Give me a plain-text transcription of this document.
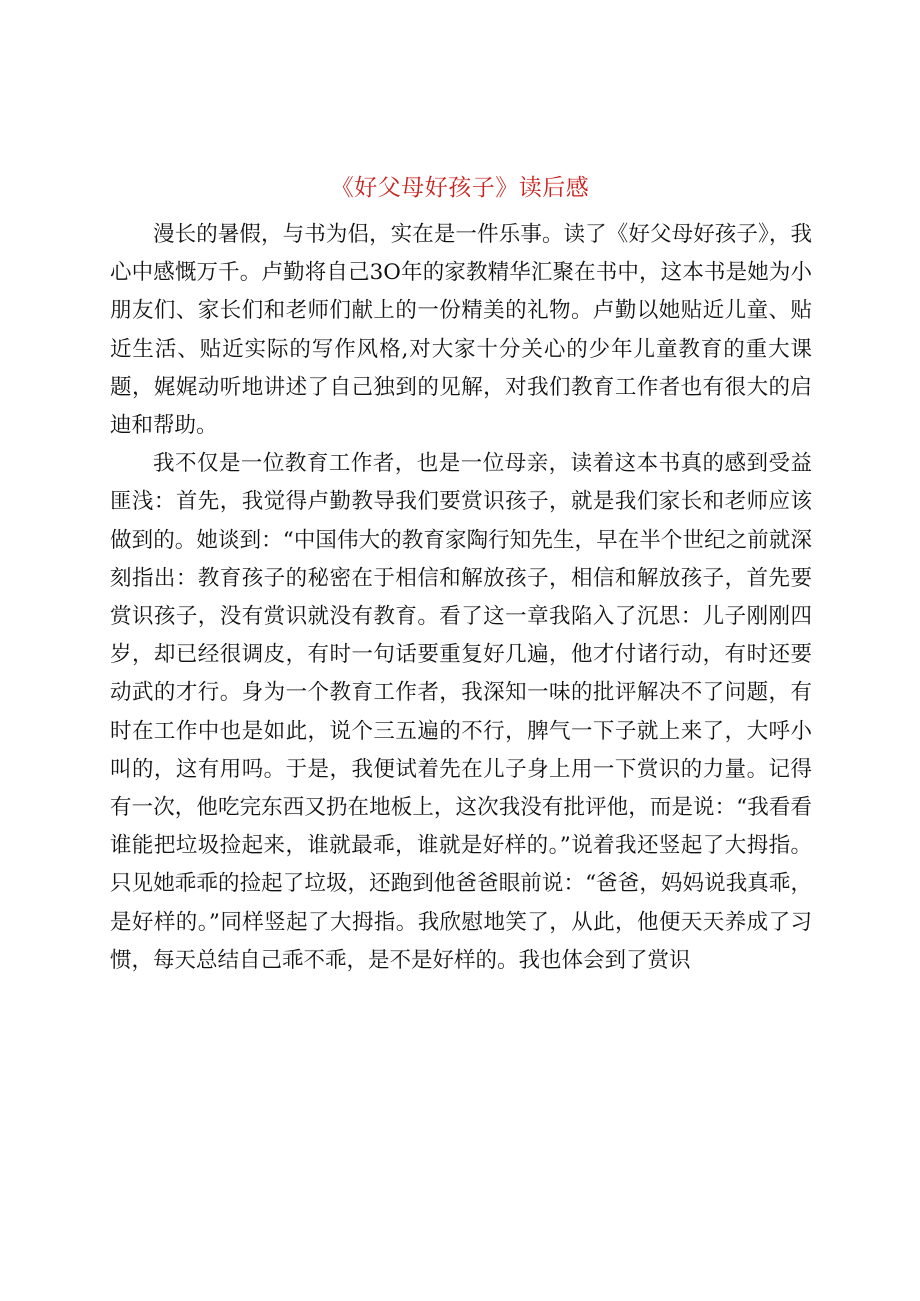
《好父母好孩子》读后感

漫长的暑假，与书为侣，实在是一件乐事。读了《好父母好孩子》，我心中感慨万千。卢勤将自己3O年的家教精华汇聚在书中，这本书是她为小朋友们、家长们和老师们献上的一份精美的礼物。卢勤以她贴近儿童、贴近生活、贴近实际的写作风格,对大家十分关心的少年儿童教育的重大课题，娓娓动听地讲述了自己独到的见解，对我们教育工作者也有很大的启迪和帮助。

我不仅是一位教育工作者，也是一位母亲，读着这本书真的感到受益匪浅：首先，我觉得卢勤教导我们要赏识孩子，就是我们家长和老师应该做到的。她谈到：“中国伟大的教育家陶行知先生，早在半个世纪之前就深刻指出：教育孩子的秘密在于相信和解放孩子，相信和解放孩子，首先要赏识孩子，没有赏识就没有教育。看了这一章我陷入了沉思：儿子刚刚四岁，却已经很调皮，有时一句话要重复好几遍，他才付诸行动，有时还要动武的才行。身为一个教育工作者，我深知一味的批评解决不了问题，有时在工作中也是如此，说个三五遍的不行，脾气一下子就上来了，大呼小叫的，这有用吗。于是，我便试着先在儿子身上用一下赏识的力量。记得有一次，他吃完东西又扔在地板上，这次我没有批评他，而是说：“我看看谁能把垃圾捡起来，谁就最乖，谁就是好样的。”说着我还竖起了大拇指。只见她乖乖的捡起了垃圾，还跑到他爸爸眼前说：“爸爸，妈妈说我真乖，是好样的。”同样竖起了大拇指。我欣慰地笑了，从此，他便天天养成了习惯，每天总结自己乖不乖，是不是好样的。我也体会到了赏识
